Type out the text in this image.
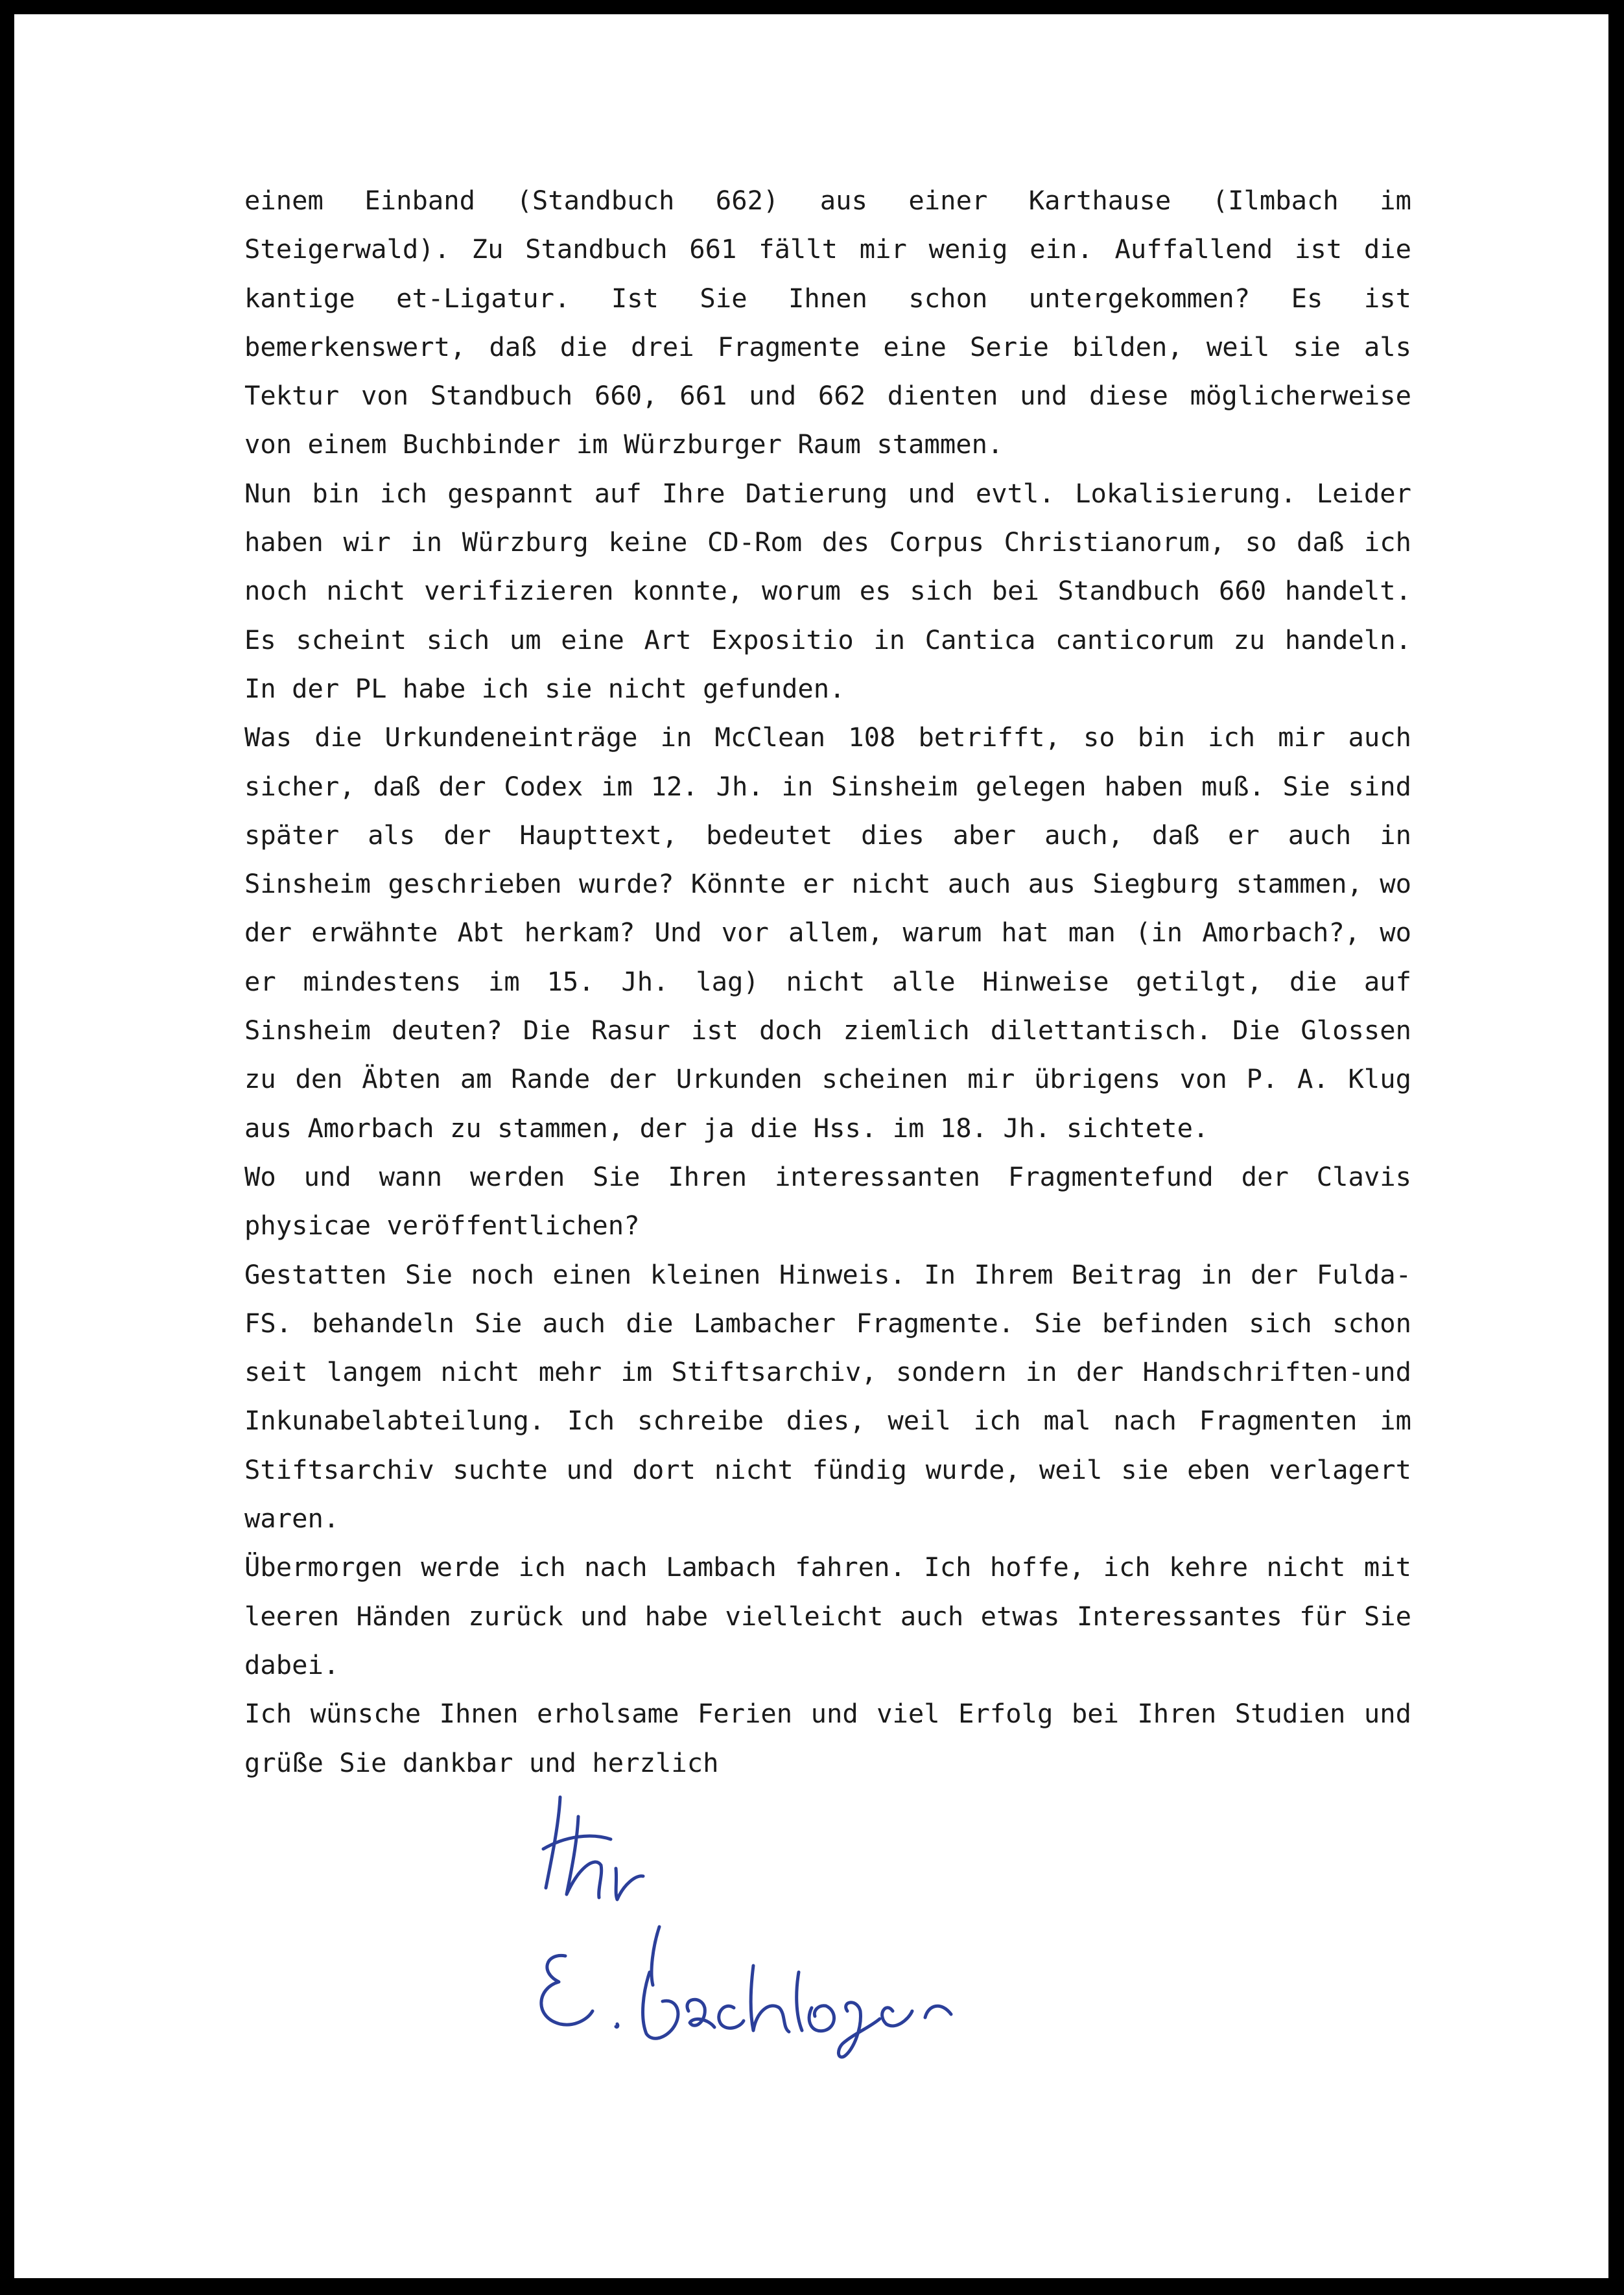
einem Einband (Standbuch 662) aus einer Karthause (Ilmbach im Steigerwald). Zu Standbuch 661 fällt mir wenig ein. Auffallend ist die kantige et-Ligatur. Ist Sie Ihnen schon untergekommen? Es ist bemerkenswert, daß die drei Fragmente eine Serie bilden, weil sie als Tektur von Standbuch 660, 661 und 662 dienten und diese möglicherweise von einem Buchbinder im Würzburger Raum stammen.

Nun bin ich gespannt auf Ihre Datierung und evtl. Lokalisierung. Leider haben wir in Würzburg keine CD-Rom des Corpus Christianorum, so daß ich noch nicht verifizieren konnte, worum es sich bei Standbuch 660 handelt. Es scheint sich um eine Art Expositio in Cantica canticorum zu handeln. In der PL habe ich sie nicht gefunden.

Was die Urkundeneinträge in McClean 108 betrifft, so bin ich mir auch sicher, daß der Codex im 12. Jh. in Sinsheim gelegen haben muß. Sie sind später als der Haupttext, bedeutet dies aber auch, daß er auch in Sinsheim geschrieben wurde? Könnte er nicht auch aus Siegburg stammen, wo der erwähnte Abt herkam? Und vor allem, warum hat man (in Amorbach?, wo er mindestens im 15. Jh. lag) nicht alle Hinweise getilgt, die auf Sinsheim deuten? Die Rasur ist doch ziemlich dilettantisch. Die Glossen zu den Äbten am Rande der Urkunden scheinen mir übrigens von P. A. Klug aus Amorbach zu stammen, der ja die Hss. im 18. Jh. sichtete.

Wo und wann werden Sie Ihren interessanten Fragmentefund der Clavis physicae veröffentlichen?

Gestatten Sie noch einen kleinen Hinweis. In Ihrem Beitrag in der Fulda-FS. behandeln Sie auch die Lambacher Fragmente. Sie befinden sich schon seit langem nicht mehr im Stiftsarchiv, sondern in der Handschriften-und Inkunabelabteilung. Ich schreibe dies, weil ich mal nach Fragmenten im Stiftsarchiv suchte und dort nicht fündig wurde, weil sie eben verlagert waren.

Übermorgen werde ich nach Lambach fahren. Ich hoffe, ich kehre nicht mit leeren Händen zurück und habe vielleicht auch etwas Interessantes für Sie dabei.

Ich wünsche Ihnen erholsame Ferien und viel Erfolg bei Ihren Studien und grüße Sie dankbar und herzlich
